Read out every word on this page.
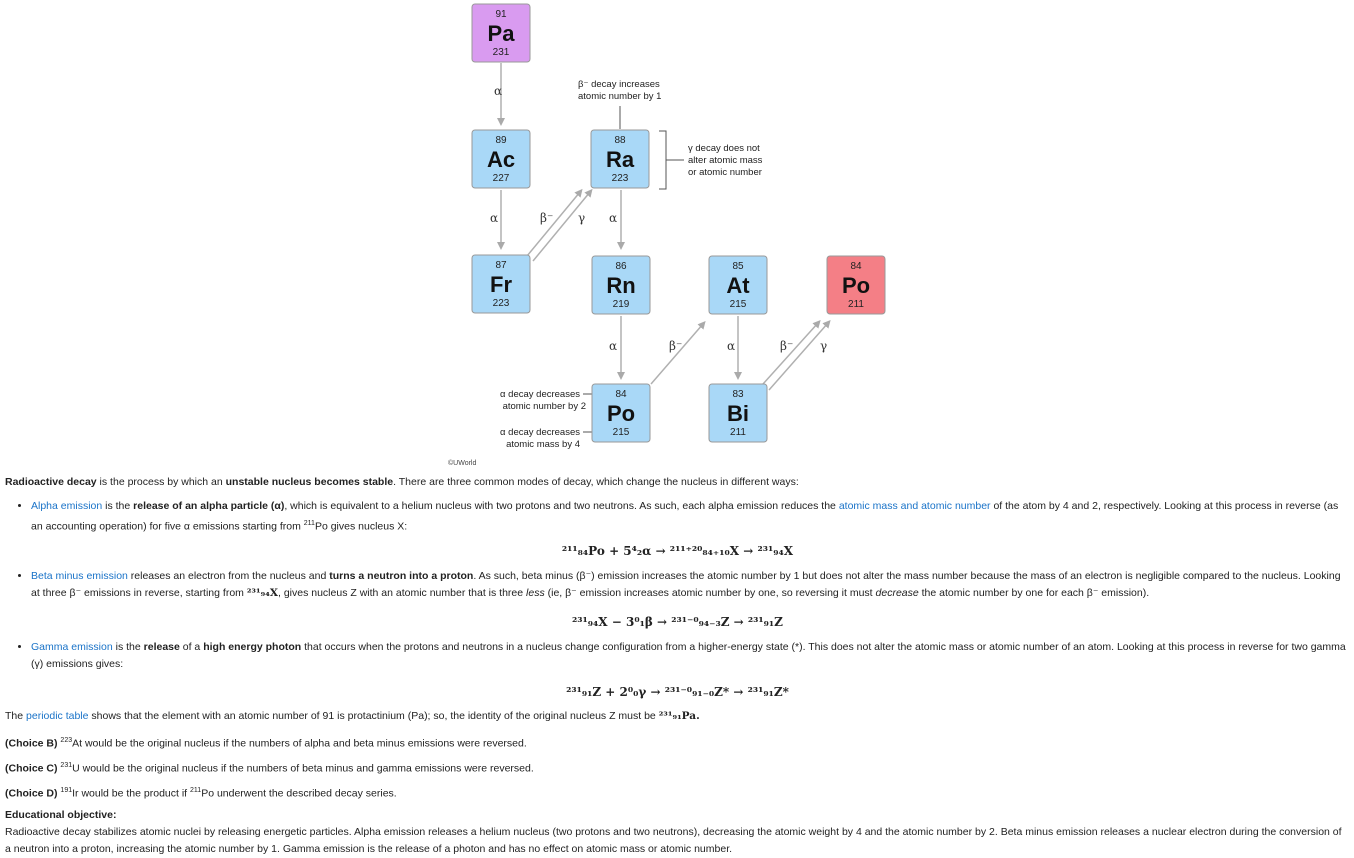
91
Pa
231
89
Ac
227
88
Ra
223
87
Fr
223
86
Rn
219
85
At
215
84
Po
211
84
Po
215
83
Bi
211
α
α	β⁻ γ α
α	β⁻	α	β⁻ γ
β⁻ decay increases
atomic number by 1
γ decay does not
alter atomic mass
or atomic number
α decay decreases
atomic number by 2
α decay decreases
atomic mass by 4
©UWorld

Radioactive decay is the process by which an unstable nucleus becomes stable. There are three common modes of decay, which change the nucleus in different ways:

• Alpha emission is the release of an alpha particle (α), which is equivalent to a helium nucleus with two protons and two neutrons. As such, each alpha emission reduces the atomic mass and atomic number of the atom by 4 and 2, respectively. Looking at this process in reverse (as an accounting operation) for five α emissions starting from $^{211}$Po gives nucleus X:
²¹¹₈₄Po + 5⁴₂α → ²¹¹⁺²⁰₈₄₊₁₀X → ²³¹₉₄X
• Beta minus emission releases an electron from the nucleus and turns a neutron into a proton. As such, beta minus (β⁻) emission increases the atomic number by 1 but does not alter the mass number because the mass of an electron is negligible compared to the nucleus. Looking at three β⁻ emissions in reverse, starting from ²³¹₉₄X, gives nucleus Z with an atomic number that is three less (ie, β⁻ emission increases atomic number by one, so reversing it must decrease the atomic number by one for each β⁻ emission).
²³¹₉₄X − 3⁰₁β → ²³¹⁻⁰₉₄₋₃Z → ²³¹₉₁Z
• Gamma emission is the release of a high energy photon that occurs when the protons and neutrons in a nucleus change configuration from a higher-energy state (*). This does not alter the atomic mass or atomic number of an atom. Looking at this process in reverse for two gamma (γ) emissions gives:
²³¹₉₁Z + 2⁰₀γ → ²³¹⁻⁰₉₁₋₀Z* → ²³¹₉₁Z*
The periodic table shows that the element with an atomic number of 91 is protactinium (Pa); so, the identity of the original nucleus Z must be ²³¹₉₁Pa.
(Choice B) $^{223}$At would be the original nucleus if the numbers of alpha and beta minus emissions were reversed.
(Choice C) $^{231}$U would be the original nucleus if the numbers of beta minus and gamma emissions were reversed.
(Choice D) $^{191}$Ir would be the product if $^{211}$Po underwent the described decay series.
Educational objective:
Radioactive decay stabilizes atomic nuclei by releasing energetic particles. Alpha emission releases a helium nucleus (two protons and two neutrons), decreasing the atomic weight by 4 and the atomic number by 2. Beta minus emission releases a nuclear electron during the conversion of a neutron into a proton, increasing the atomic number by 1. Gamma emission is the release of a photon and has no effect on atomic mass or atomic number.
